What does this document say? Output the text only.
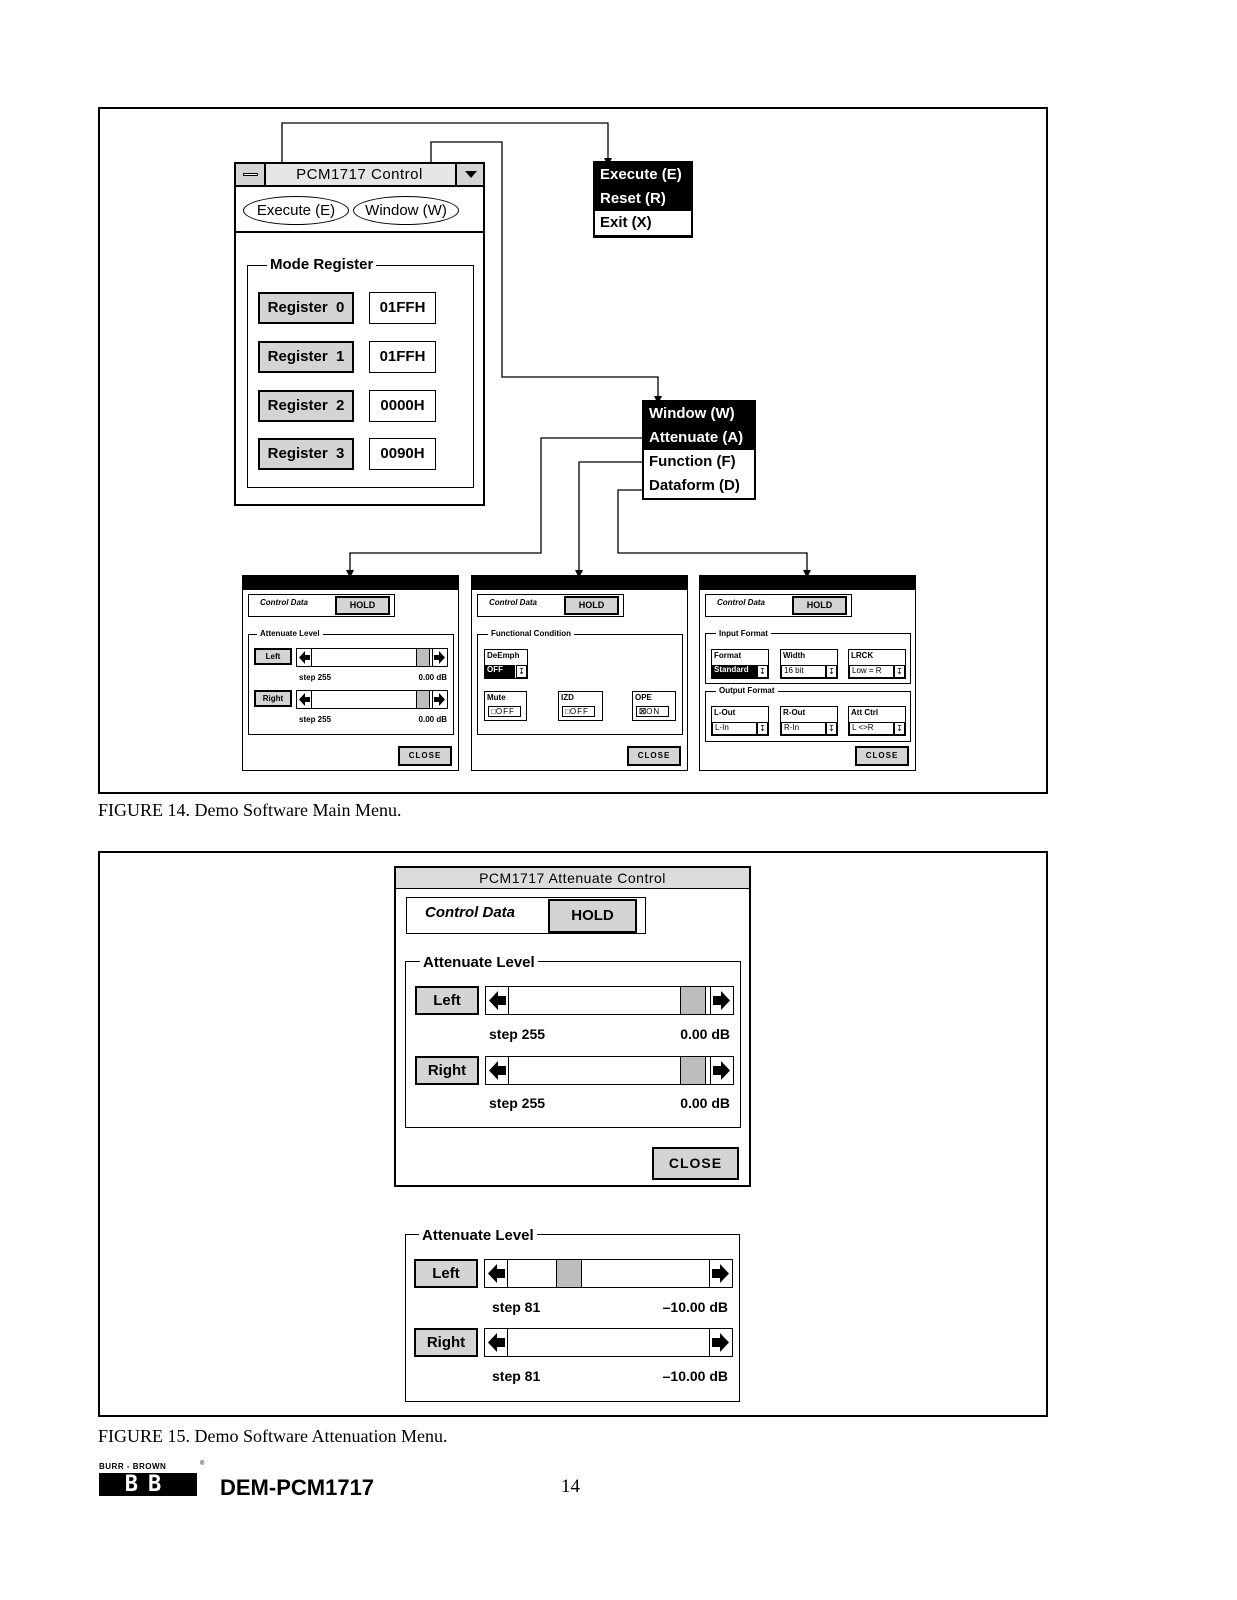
PCM1717 Control
Execute (E)	Window (W)
Mode Register
Register  0	01FFH
Register  1	01FFH
Register  2	0000H
Register  3	0090H
Execute (E)
Reset (R)
Exit (X)
Window (W)
Attenuate (A)
Function (F)
Dataform (D)
Control Data	HOLD
Attenuate Level
Left
step 255	0.00 dB
Right
step 255	0.00 dB
CLOSE
Control Data	HOLD
Functional Condition
DeEmph
OFF	↧
Mute
□OFF
IZD
□OFF
OPE
☒ON
CLOSE
Control Data	HOLD
Input Format
Format
Standard	↧
Width
16 bit	↧
LRCK
Low = R	↧
Output Format
L-Out
L-In	↧
R-Out
R-In	↧
Att Ctrl
L <>R	↧
CLOSE
FIGURE 14. Demo Software Main Menu.
PCM1717 Attenuate Control
Control Data	HOLD
Attenuate Level
Left
step 255	0.00 dB
Right
step 255	0.00 dB
CLOSE
Attenuate Level
Left
step 81	–10.00 dB
Right
step 81	–10.00 dB
FIGURE 15. Demo Software Attenuation Menu.
BURR - BROWN	®
BB	DEM-PCM1717	14
